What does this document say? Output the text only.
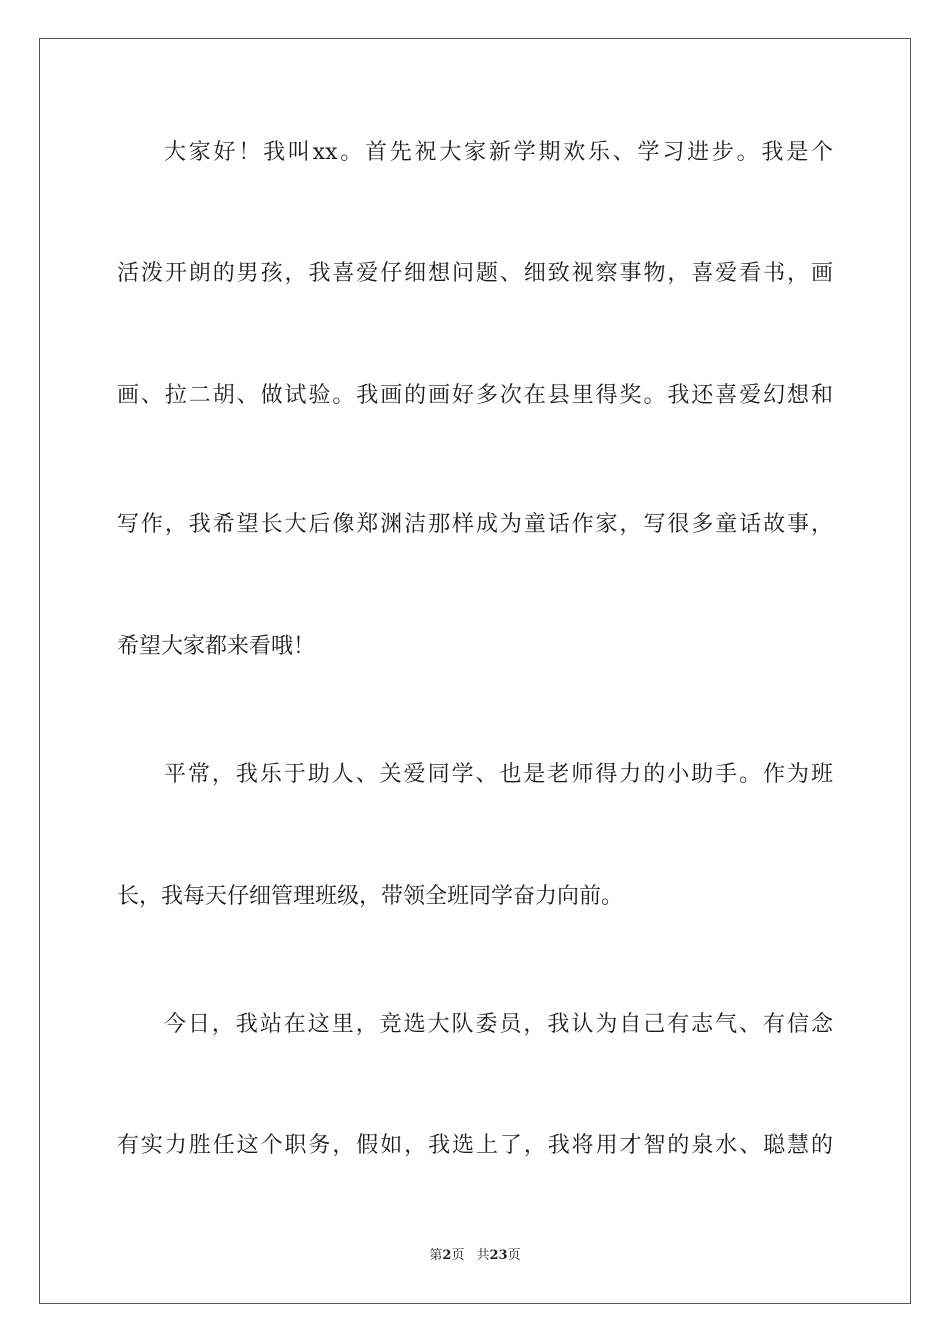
大家好！我叫xx。首先祝大家新学期欢乐、学习进步。我是个
活泼开朗的男孩，我喜爱仔细想问题、细致视察事物，喜爱看书，画
画、拉二胡、做试验。我画的画好多次在县里得奖。我还喜爱幻想和
写作，我希望长大后像郑渊洁那样成为童话作家，写很多童话故事，
希望大家都来看哦！
平常，我乐于助人、关爱同学、也是老师得力的小助手。作为班
长，我每天仔细管理班级，带领全班同学奋力向前。
今日，我站在这里，竞选大队委员，我认为自己有志气、有信念
有实力胜任这个职务，假如，我选上了，我将用才智的泉水、聪慧的
第2页 共23页
